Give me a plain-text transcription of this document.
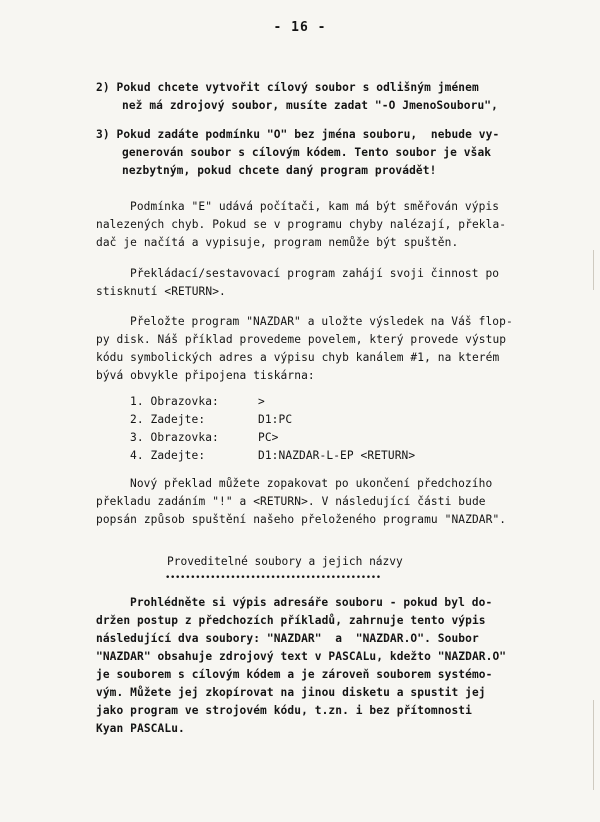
- 16 -
2) Pokud chcete vytvořit cílový soubor s odlišným jménem
než má zdrojový soubor, musíte zadat "-O JmenoSouboru",
3) Pokud zadáte podmínku "O" bez jména souboru,  nebude vy-
generován soubor s cílovým kódem. Tento soubor je však
nezbytným, pokud chcete daný program provádět!
Podmínka "E" udává počítači, kam má být směřován výpis
nalezených chyb. Pokud se v programu chyby nalézají, překla-
dač je načítá a vypisuje, program nemůže být spuštěn.
Překládací/sestavovací program zahájí svoji činnost po
stisknutí <RETURN>.
Přeložte program "NAZDAR" a uložte výsledek na Váš flop-
py disk. Náš příklad provedeme povelem, který provede výstup
kódu symbolických adres a výpisu chyb kanálem #1, na kterém
bývá obvykle připojena tiskárna:
1. Obrazovka:	>
2. Zadejte:	D1:PC
3. Obrazovka:	PC>
4. Zadejte:	D1:NAZDAR-L-EP <RETURN>
Nový překlad můžete zopakovat po ukončení předchozího
překladu zadáním "!" a <RETURN>. V následující části bude
popsán způsob spuštění našeho přeloženého programu "NAZDAR".
Proveditelné soubory a jejich názvy
•••••••••••••••••••••••••••••••••••••••••••
Prohlédněte si výpis adresáře souboru - pokud byl do-
držen postup z předchozích příkladů, zahrnuje tento výpis
následující dva soubory: "NAZDAR"  a  "NAZDAR.O". Soubor
"NAZDAR" obsahuje zdrojový text v PASCALu, kdežto "NAZDAR.O"
je souborem s cílovým kódem a je zároveň souborem systémo-
vým. Můžete jej zkopírovat na jinou disketu a spustit jej
jako program ve strojovém kódu, t.zn. i bez přítomnosti
Kyan PASCALu.
